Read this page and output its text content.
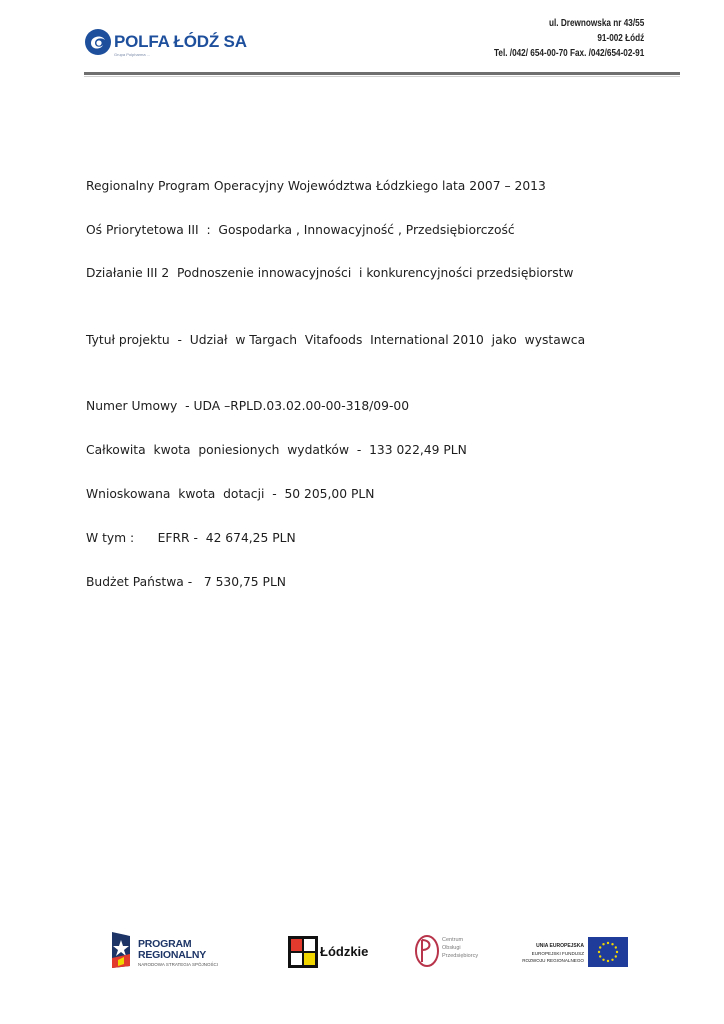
POLFA ŁÓDŹ SA
Grupa Polpharma ...
ul. Drewnowska nr 43/55
91-002 Łódź
Tel. /042/ 654-00-70 Fax. /042/654-02-91
Regionalny Program Operacyjny Województwa Łódzkiego lata 2007 – 2013
Oś Priorytetowa III  :  Gospodarka , Innowacyjność , Przedsiębiorczość
Działanie III 2  Podnoszenie innowacyjności  i konkurencyjności przedsiębiorstw
Tytuł projektu  -  Udział  w Targach  Vitafoods  International 2010  jako  wystawca
Numer Umowy  - UDA –RPLD.03.02.00-00-318/09-00
Całkowita  kwota  poniesionych  wydatków  -  133 022,49 PLN
Wnioskowana  kwota  dotacji  -  50 205,00 PLN
W tym :      EFRR -  42 674,25 PLN
Budżet Państwa -   7 530,75 PLN
PROGRAM
REGIONALNY
NARODOWA STRATEGIA SPÓJNOŚCI
Łódzkie
Centrum
Obsługi
Przedsiębiorcy
UNIA EUROPEJSKA
EUROPEJSKI FUNDUSZ
ROZWOJU REGIONALNEGO
